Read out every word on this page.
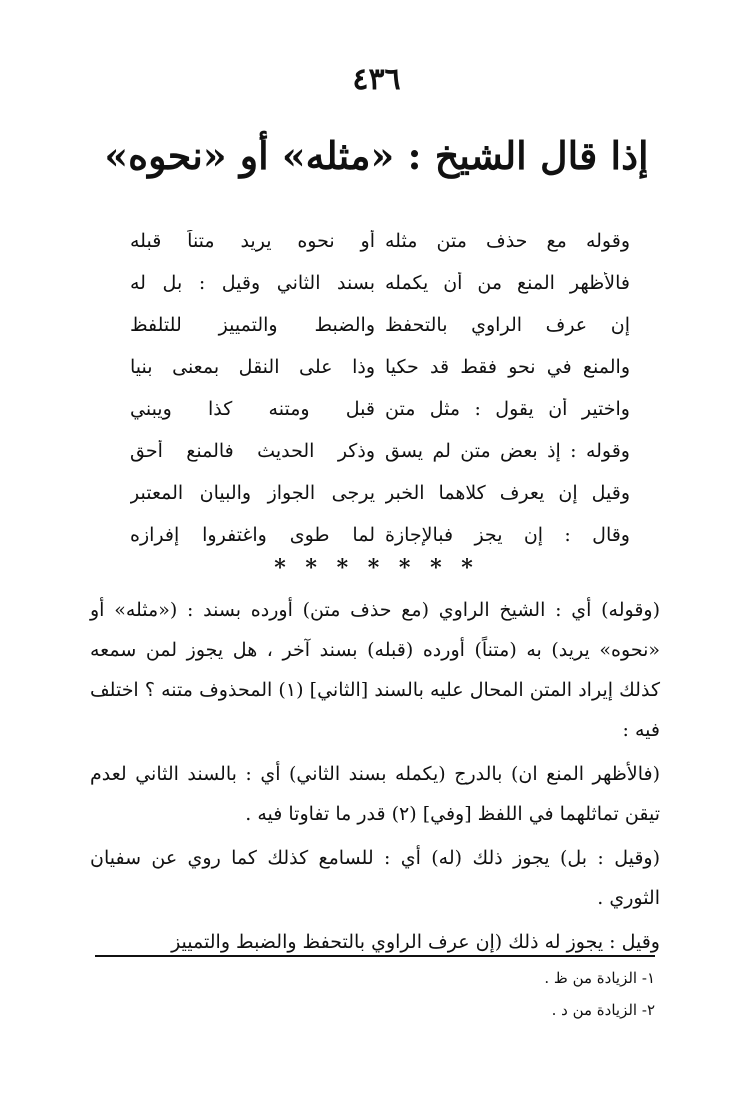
٤٣٦
إذا قال الشيخ : «مثله» أو «نحوه»
وقوله مع حذف متن مثله
أو نحوه يريد متناً قبله
فالأظهر المنع من أن يكمله
بسند الثاني وقيل : بل له
إن عرف الراوي بالتحفظ
والضبط والتمييز للتلفظ
والمنع في نحو فقط قد حكيا
وذا على النقل بمعنى بنيا
واختير أن يقول : مثل متن
قبل ومتنه كذا ويبني
وقوله : إذ بعض متن لم يسق
وذكر الحديث فالمنع أحق
وقيل إن يعرف كلاهما الخبر
يرجى الجواز والبيان المعتبر
وقال : إن يجز فبالإجازة
لما طوى واغتفروا إفرازه
* * * * * * *

(وقوله) أي : الشيخ الراوي (مع حذف متن) أورده بسند : («مثله» أو «نحوه» يريد) به (متناً) أورده (قبله) بسند آخر ، هل يجوز لمن سمعه كذلك إيراد المتن المحال عليه بالسند [الثاني] (١) المحذوف متنه ؟ اختلف فيه :

(فالأظهر المنع ان) بالدرج (يكمله بسند الثاني) أي : بالسند الثاني لعدم تيقن تماثلهما في اللفظ [وفي] (٢) قدر ما تفاوتا فيه .

(وقيل : بل) يجوز ذلك (له) أي : للسامع كذلك كما روي عن سفيان الثوري .

وقيل : يجوز له ذلك (إن عرف الراوي بالتحفظ والضبط والتمييز

١- الزيادة من ظ .
٢- الزيادة من د .
